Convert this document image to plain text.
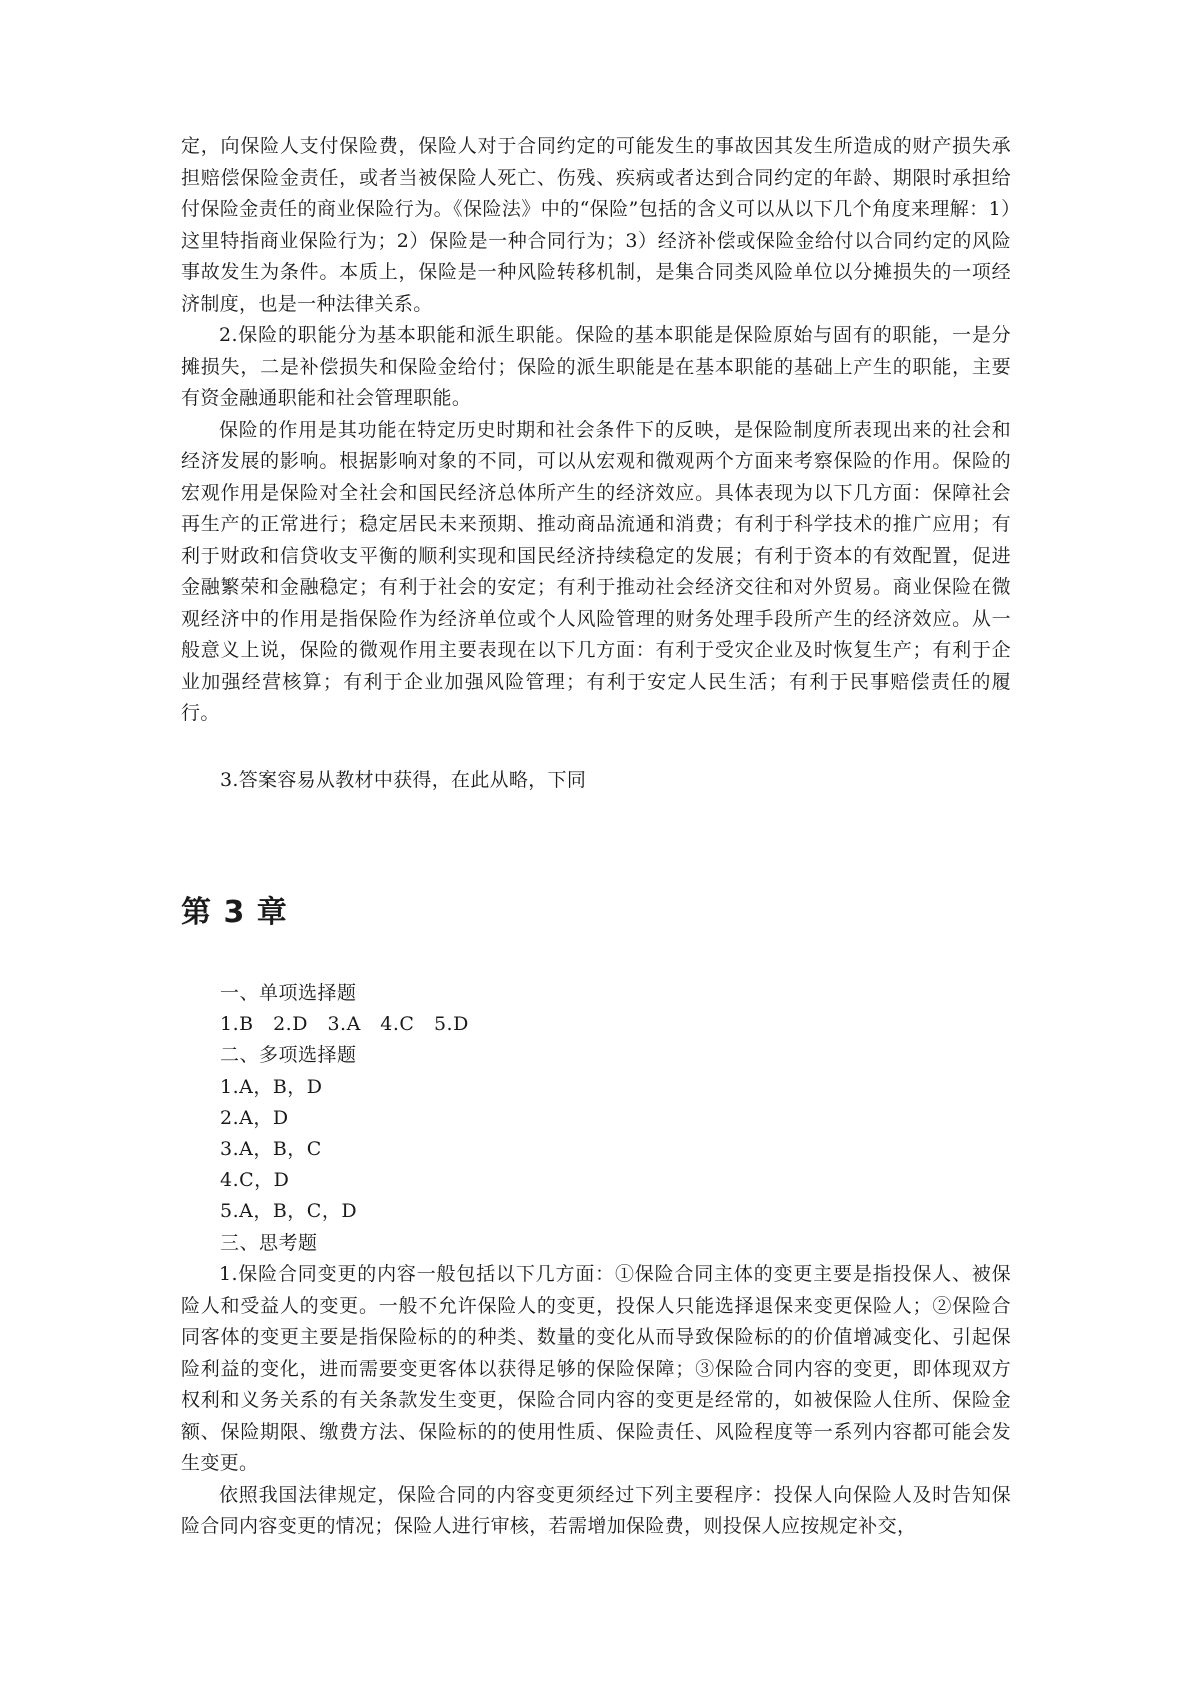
定，向保险人支付保险费，保险人对于合同约定的可能发生的事故因其发生所造成的财产损失承担赔偿保险金责任，或者当被保险人死亡、伤残、疾病或者达到合同约定的年龄、期限时承担给付保险金责任的商业保险行为。《保险法》中的“保险”包括的含义可以从以下几个角度来理解：1）这里特指商业保险行为；2）保险是一种合同行为；3）经济补偿或保险金给付以合同约定的风险事故发生为条件。本质上，保险是一种风险转移机制，是集合同类风险单位以分摊损失的一项经济制度，也是一种法律关系。

2.保险的职能分为基本职能和派生职能。保险的基本职能是保险原始与固有的职能，一是分摊损失，二是补偿损失和保险金给付；保险的派生职能是在基本职能的基础上产生的职能，主要有资金融通职能和社会管理职能。

保险的作用是其功能在特定历史时期和社会条件下的反映，是保险制度所表现出来的社会和经济发展的影响。根据影响对象的不同，可以从宏观和微观两个方面来考察保险的作用。保险的宏观作用是保险对全社会和国民经济总体所产生的经济效应。具体表现为以下几方面：保障社会再生产的正常进行；稳定居民未来预期、推动商品流通和消费；有利于科学技术的推广应用；有利于财政和信贷收支平衡的顺利实现和国民经济持续稳定的发展；有利于资本的有效配置，促进金融繁荣和金融稳定；有利于社会的安定；有利于推动社会经济交往和对外贸易。商业保险在微观经济中的作用是指保险作为经济单位或个人风险管理的财务处理手段所产生的经济效应。从一般意义上说，保险的微观作用主要表现在以下几方面：有利于受灾企业及时恢复生产；有利于企业加强经营核算；有利于企业加强风险管理；有利于安定人民生活；有利于民事赔偿责任的履行。

3.答案容易从教材中获得，在此从略，下同

第 3 章

一、单项选择题

1.B　2.D　3.A　4.C　5.D

二、多项选择题

1.A，B，D

2.A，D

3.A，B，C

4.C，D

5.A，B，C，D

三、思考题

1.保险合同变更的内容一般包括以下几方面：①保险合同主体的变更主要是指投保人、被保险人和受益人的变更。一般不允许保险人的变更，投保人只能选择退保来变更保险人；②保险合同客体的变更主要是指保险标的的种类、数量的变化从而导致保险标的的价值增减变化、引起保险利益的变化，进而需要变更客体以获得足够的保险保障；③保险合同内容的变更，即体现双方权利和义务关系的有关条款发生变更，保险合同内容的变更是经常的，如被保险人住所、保险金额、保险期限、缴费方法、保险标的的使用性质、保险责任、风险程度等一系列内容都可能会发生变更。

依照我国法律规定，保险合同的内容变更须经过下列主要程序：投保人向保险人及时告知保险合同内容变更的情况；保险人进行审核，若需增加保险费，则投保人应按规定补交，
